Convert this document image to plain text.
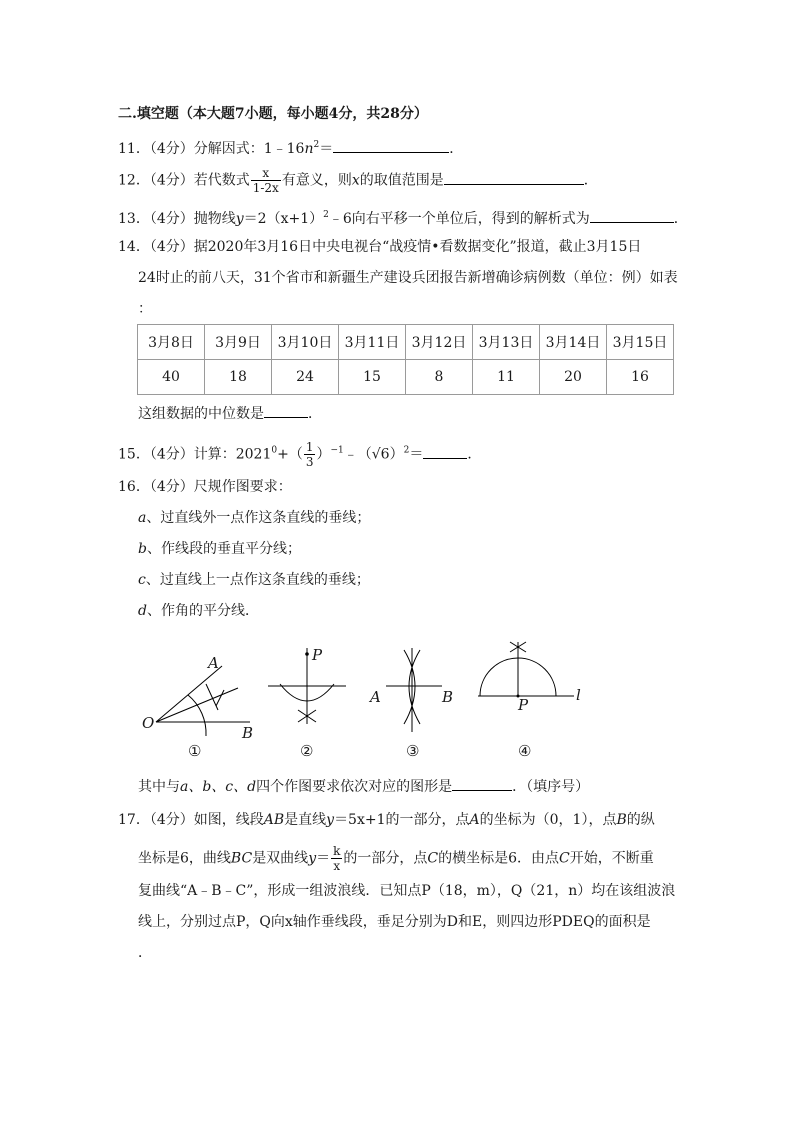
二.填空题（本大题7小题，每小题4分，共28分）
11．（4分）分解因式：$1﹣16n^2=$	．
12．（4分）若代数式 $\frac{x}{1-2x}$ 有意义，则x的取值范围是	．
13．（4分）抛物线$y=2(x+1)^2﹣6$向右平移一个单位后，得到的解析式为	．
14．（4分）据2020年3月16日中央电视台“战疫情•看数据变化”报道，截止3月15日
24时止的前八天，31个省市和新疆生产建设兵团报告新增确诊病例数（单位：例）如表
：
3月8日	3月9日	3月10日	3月11日	3月12日	3月13日	3月14日	3月15日
40	18	24	15	8	11	20	16
这组数据的中位数是	．
15．（4分）计算：$2021^0+( \frac{1}{3}$ ）$^{-1}﹣(√6)^2=$	．
16．（4分）尺规作图要求：
a、过直线外一点作这条直线的垂线；
b、作线段的垂直平分线；
c、过直线上一点作这条直线的垂线；
d、作角的平分线．
A
O
B
①
P
②
A	B
③
P
l
④
其中与a、b、c、d四个作图要求依次对应的图形是	．（填序号）
17．（4分）如图，线段AB是直线y＝5x+1的一部分，点A的坐标为（0，1），点B的纵
坐标是6，曲线BC是双曲线$y= \frac{k}{x}$ 的一部分，点C的横坐标是6．由点C开始，不断重
复曲线“A﹣B﹣C”，形成一组波浪线．已知点P（18，m），Q（21，n）均在该组波浪
线上，分别过点P，Q向x轴作垂线段，垂足分别为D和E，则四边形PDEQ的面积是
．
